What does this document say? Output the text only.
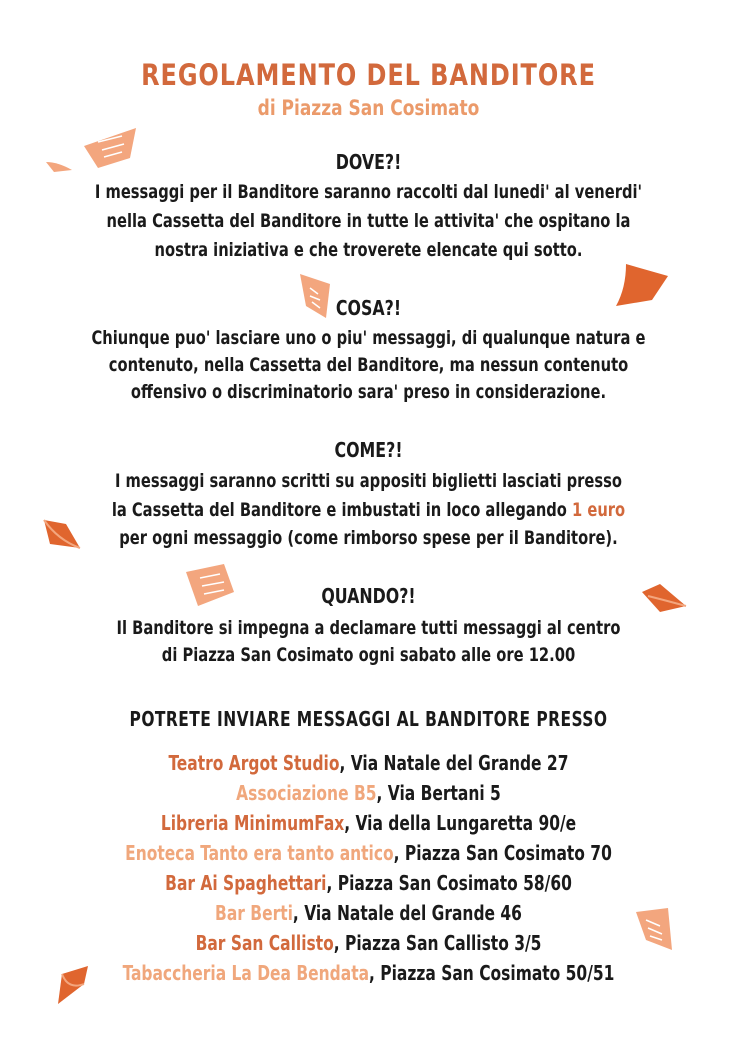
REGOLAMENTO DEL BANDITORE
di Piazza San Cosimato
DOVE?!
I messaggi per il Banditore saranno raccolti dal lunedi' al venerdi'
nella Cassetta del Banditore in tutte le attivita' che ospitano la
nostra iniziativa e che troverete elencate qui sotto.
COSA?!
Chiunque puo' lasciare uno o piu' messaggi, di qualunque natura e
contenuto, nella Cassetta del Banditore, ma nessun contenuto
offensivo o discriminatorio sara' preso in considerazione.
COME?!
I messaggi saranno scritti su appositi biglietti lasciati presso
la Cassetta del Banditore e imbustati in loco allegando 1 euro
per ogni messaggio (come rimborso spese per il Banditore).
QUANDO?!
Il Banditore si impegna a declamare tutti messaggi al centro
di Piazza San Cosimato ogni sabato alle ore 12.00
POTRETE INVIARE MESSAGGI AL BANDITORE PRESSO
Teatro Argot Studio, Via Natale del Grande 27
Associazione B5, Via Bertani 5
Libreria MinimumFax, Via della Lungaretta 90/e
Enoteca Tanto era tanto antico, Piazza San Cosimato 70
Bar Ai Spaghettari, Piazza San Cosimato 58/60
Bar Berti, Via Natale del Grande 46
Bar San Callisto, Piazza San Callisto 3/5
Tabaccheria La Dea Bendata, Piazza San Cosimato 50/51
